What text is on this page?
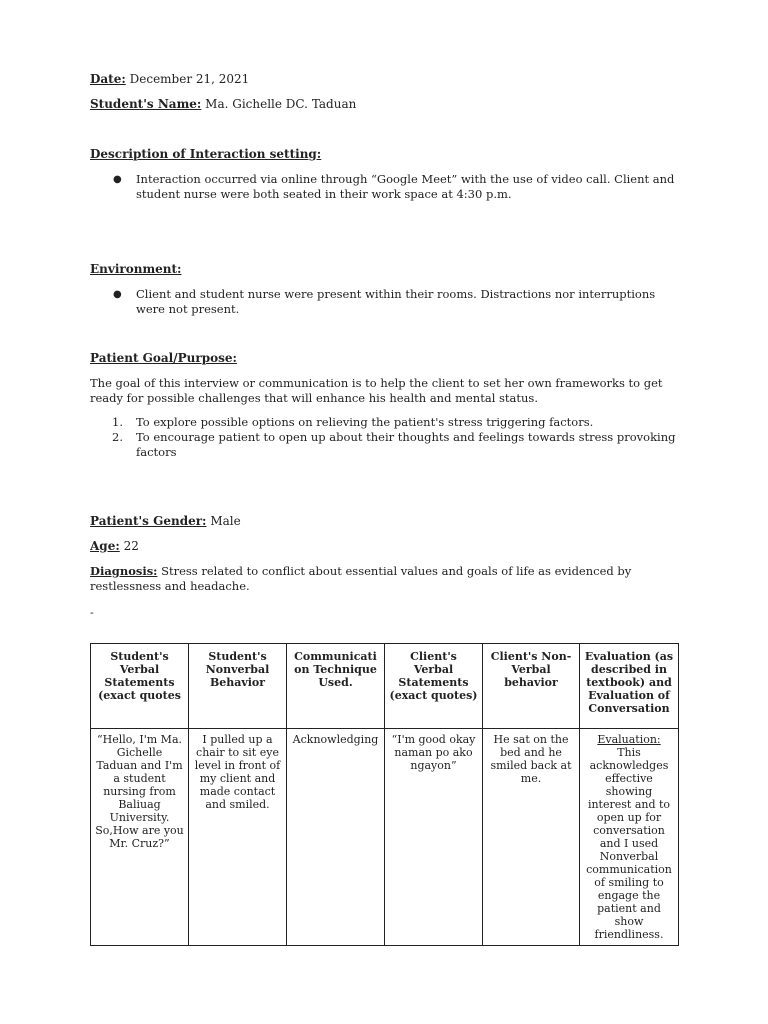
Date: December 21, 2021
Student's Name: Ma. Gichelle DC. Taduan
Description of Interaction setting:
● Interaction occurred via online through “Google Meet” with the use of video call. Client and student nurse were both seated in their work space at 4:30 p.m.
Environment:
● Client and student nurse were present within their rooms. Distractions nor interruptions were not present.
Patient Goal/Purpose:
The goal of this interview or communication is to help the client to set her own frameworks to get ready for possible challenges that will enhance his health and mental status.
1. To explore possible options on relieving the patient's stress triggering factors.
2. To encourage patient to open up about their thoughts and feelings towards stress provoking factors
Patient's Gender: Male
Age: 22
Diagnosis: Stress related to conflict about essential values and goals of life as evidenced by restlessness and headache.
-
Student's Verbal Statements (exact quotes	Student's Nonverbal Behavior	Communication Technique Used.	Client's Verbal Statements (exact quotes)	Client's Non-Verbal behavior	Evaluation (as described in textbook) and Evaluation of Conversation
“Hello, I'm Ma. Gichelle Taduan and I'm a student nursing from Baliuag University. So,How are you Mr. Cruz?”	I pulled up a chair to sit eye level in front of my client and made contact and smiled.	Acknowledging	“I'm good okay naman po ako ngayon”	He sat on the bed and he smiled back at me.	Evaluation:
This acknowledges effective showing interest and to open up for conversation and I used Nonverbal communication of smiling to engage the patient and show friendliness.
